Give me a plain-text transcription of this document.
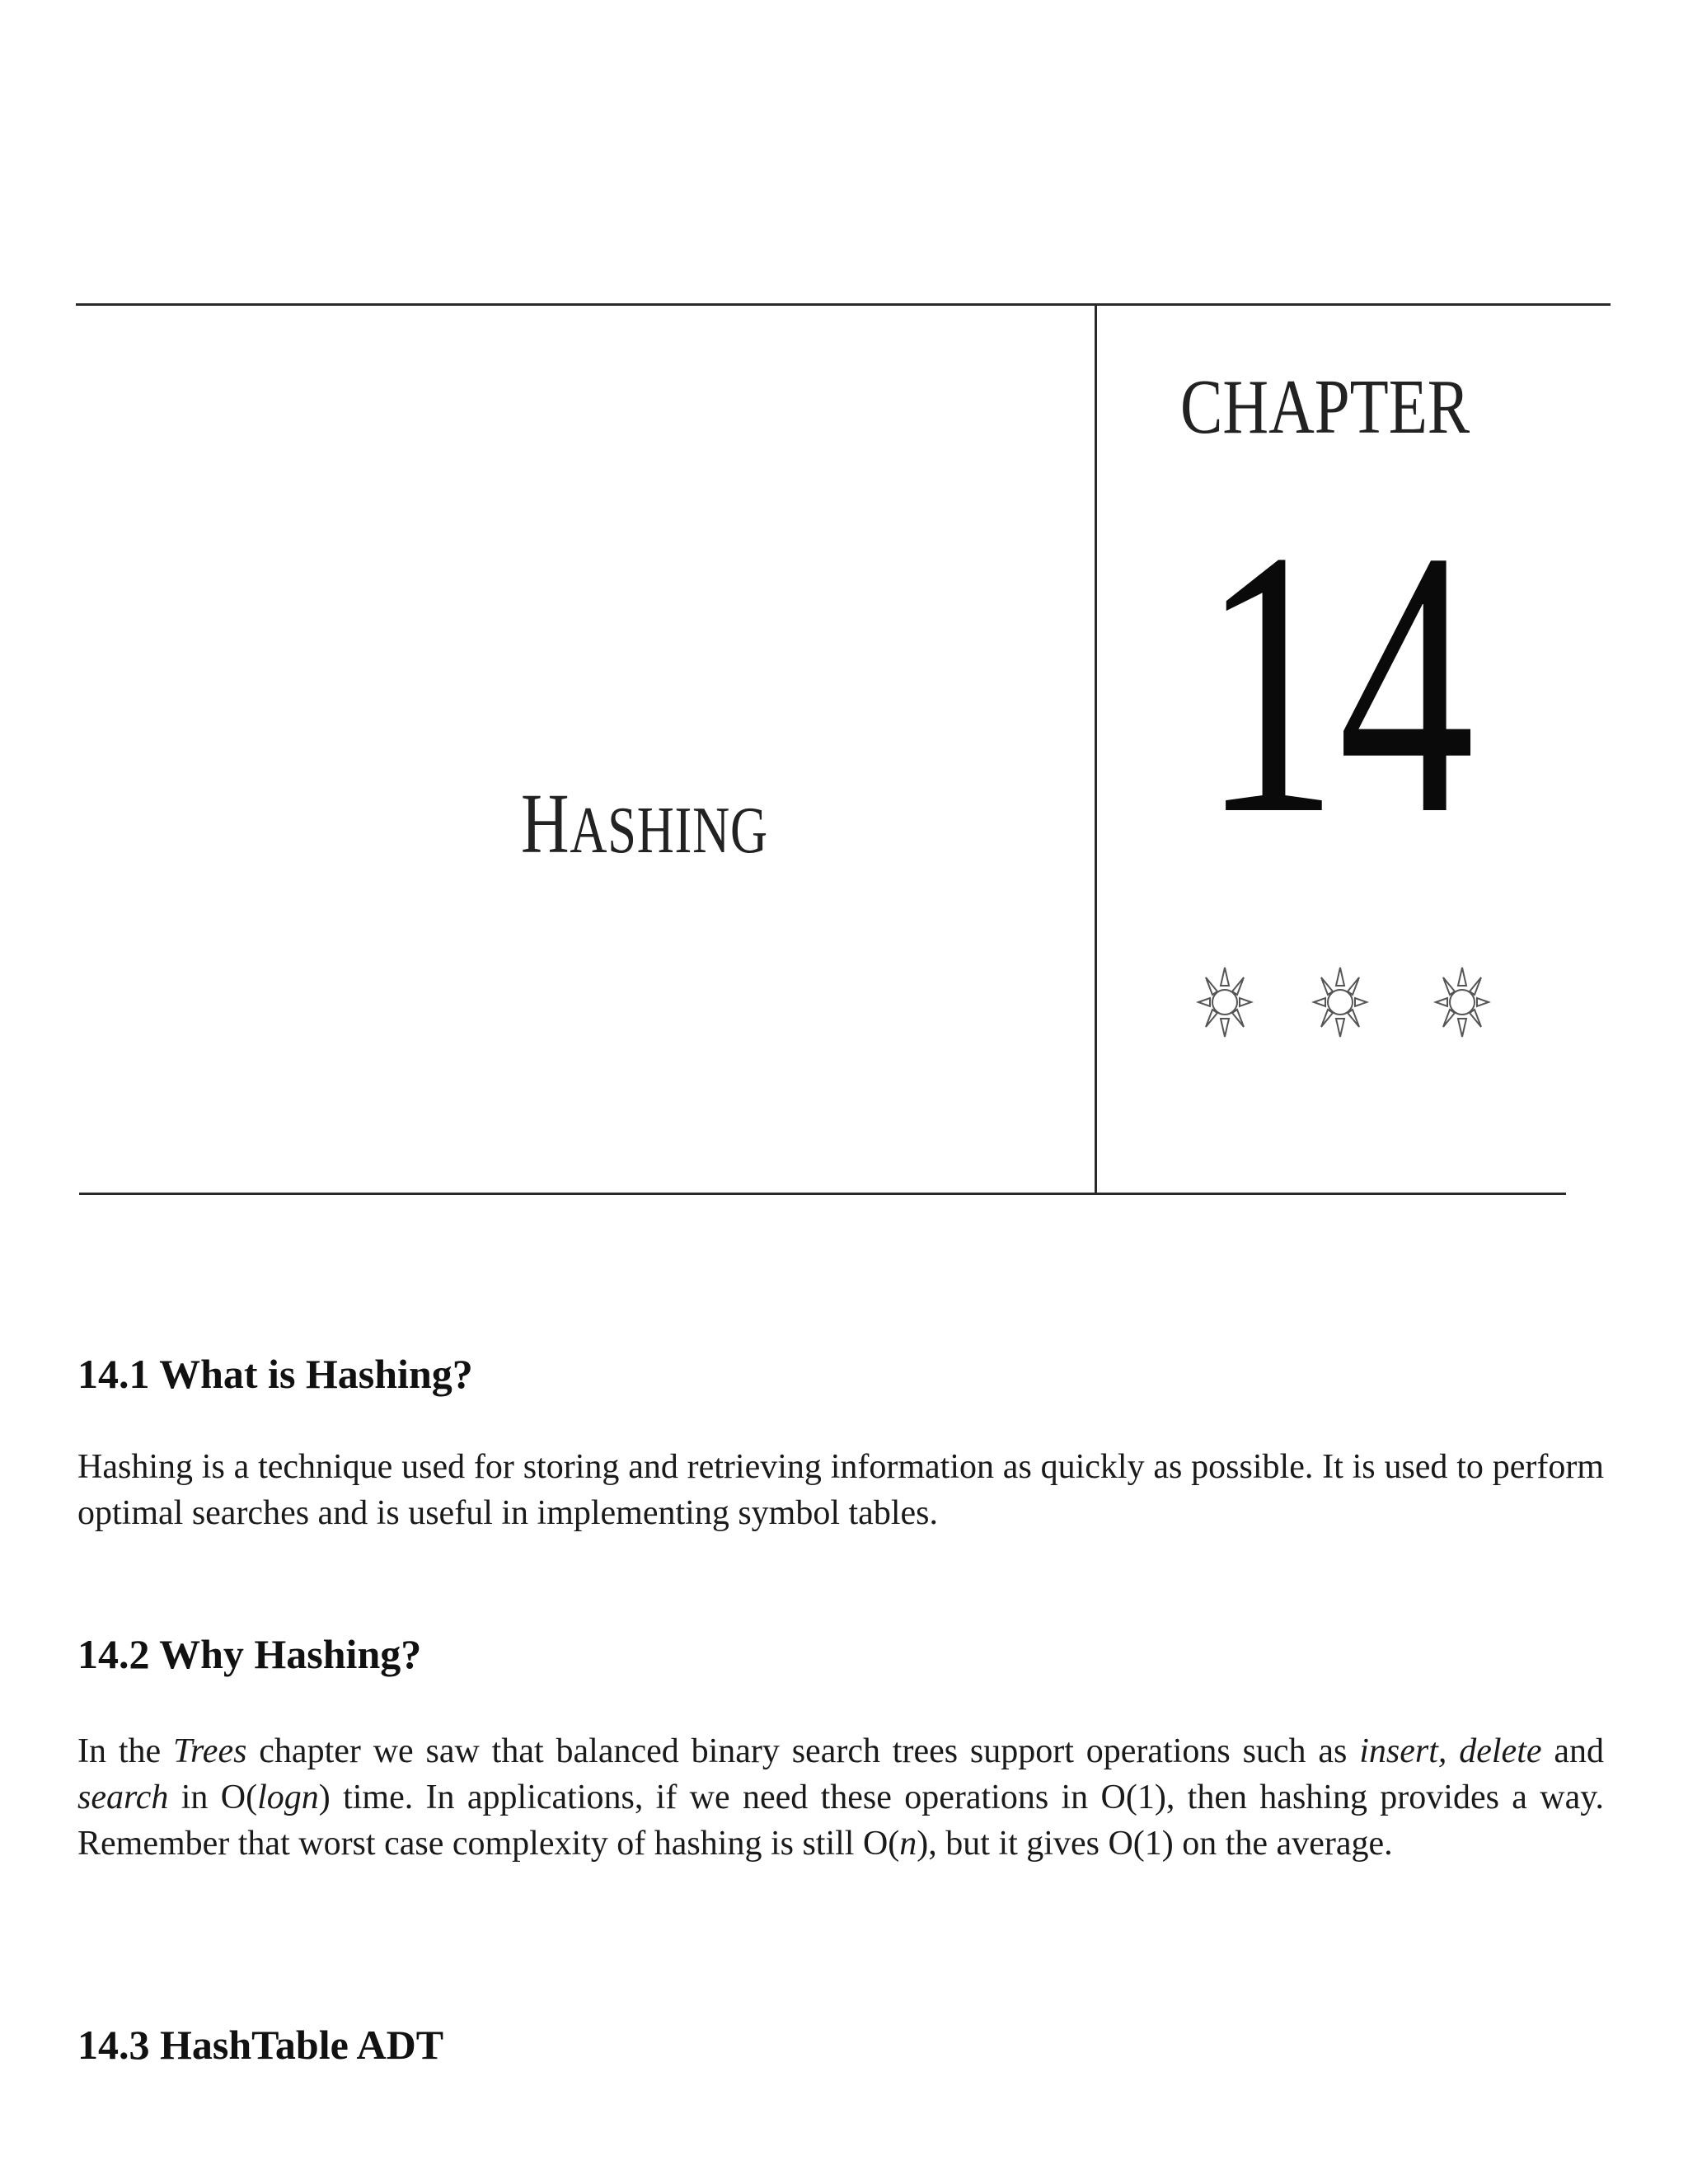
HASHING
CHAPTER
14
14.1 What is Hashing?

Hashing is a technique used for storing and retrieving information as quickly as possible. It is used to perform optimal searches and is useful in implementing symbol tables.

14.2 Why Hashing?

In the Trees chapter we saw that balanced binary search trees support operations such as insert, delete and search in O(logn) time. In applications, if we need these operations in O(1), then hashing provides a way. Remember that worst case complexity of hashing is still O(n), but it gives O(1) on the average.

14.3 HashTable ADT
